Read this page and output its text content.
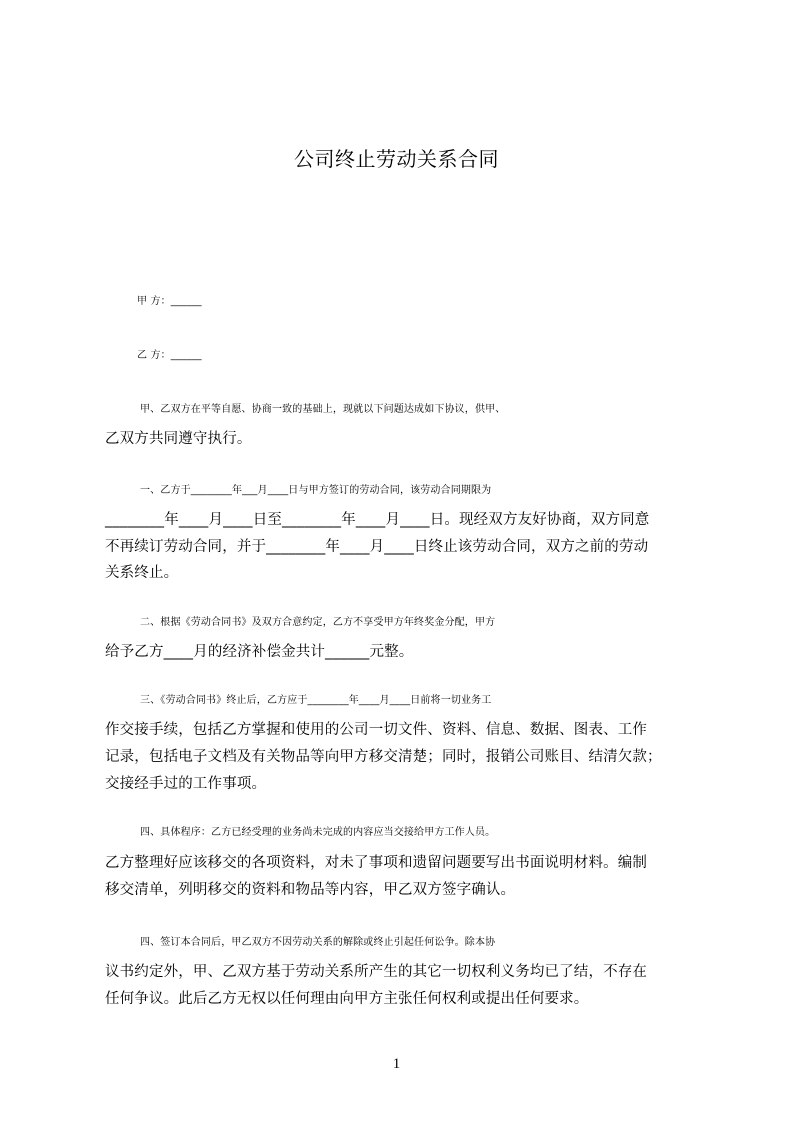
公司终止劳动关系合同
甲 方：______
乙 方：______
甲、乙双方在平等自愿、协商一致的基础上，现就以下问题达成如下协议，供甲、
乙双方共同遵守执行。
一、乙方于________年___月____日与甲方签订的劳动合同，该劳动合同期限为
________年____月____日至________年____月____日。现经双方友好协商，双方同意
不再续订劳动合同，并于________年____月____日终止该劳动合同，双方之前的劳动
关系终止。
二、根据《劳动合同书》及双方合意约定，乙方不享受甲方年终奖金分配，甲方
给予乙方____月的经济补偿金共计______元整。
三、《劳动合同书》终止后，乙方应于________年____月____日前将一切业务工
作交接手续，包括乙方掌握和使用的公司一切文件、资料、信息、数据、图表、工作
记录，包括电子文档及有关物品等向甲方移交清楚；同时，报销公司账目、结清欠款；
交接经手过的工作事项。
四、具体程序：乙方已经受理的业务尚未完成的内容应当交接给甲方工作人员。
乙方整理好应该移交的各项资料，对未了事项和遗留问题要写出书面说明材料。编制
移交清单，列明移交的资料和物品等内容，甲乙双方签字确认。
四、签订本合同后，甲乙双方不因劳动关系的解除或终止引起任何讼争。除本协
议书约定外，甲、乙双方基于劳动关系所产生的其它一切权利义务均已了结，不存在
任何争议。此后乙方无权以任何理由向甲方主张任何权利或提出任何要求。
1
